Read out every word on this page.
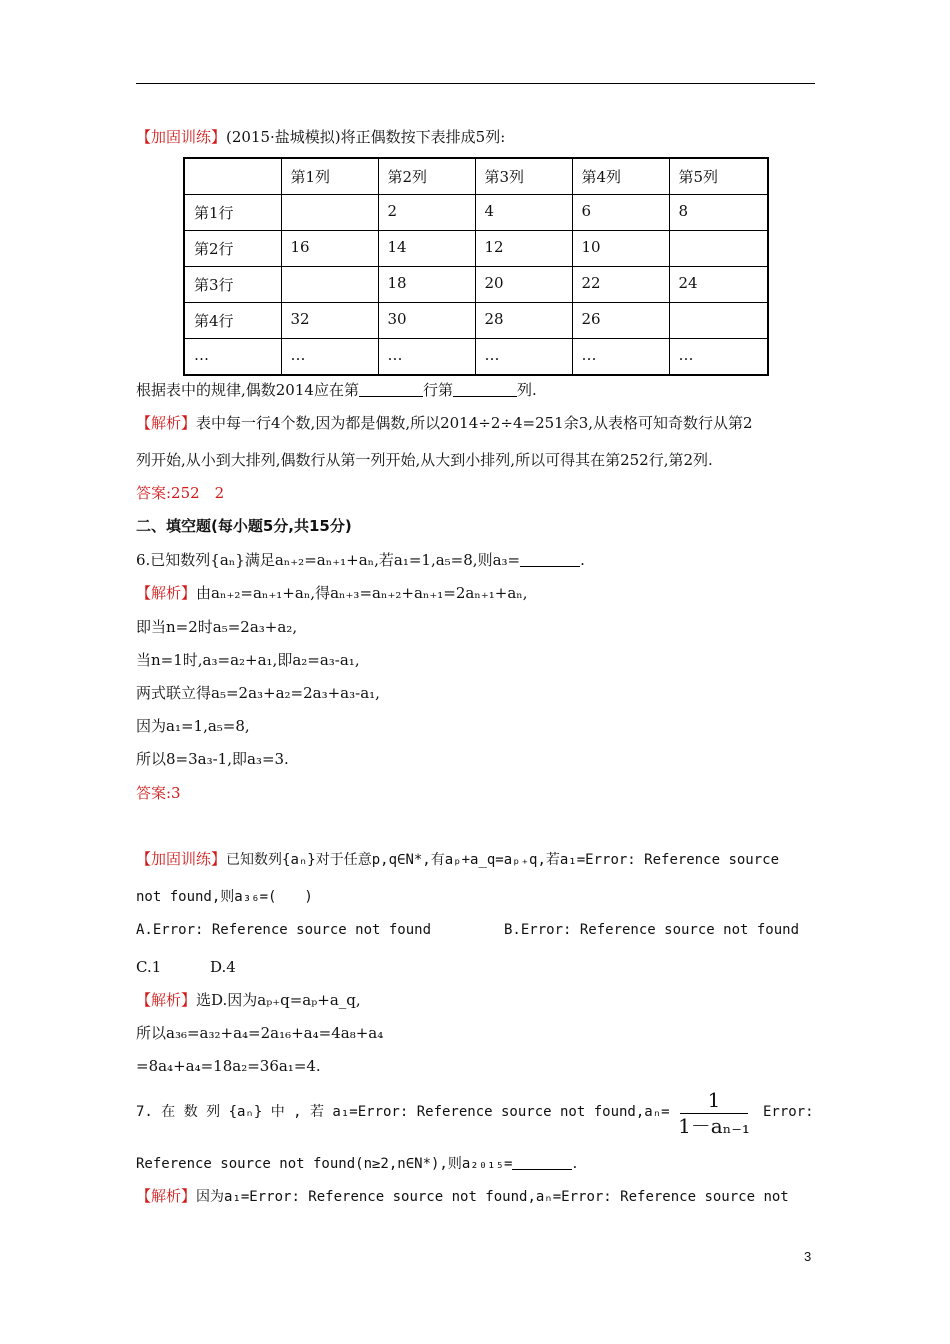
【加固训练】(2015·盐城模拟)将正偶数按下表排成5列:
	第1列	第2列	第3列	第4列	第5列
第1行		2	4	6	8
第2行	16	14	12	10	
第3行		18	20	22	24
第4行	32	30	28	26	
…	…	…	…	…	…
根据表中的规律,偶数2014应在第	行第	列.
【解析】表中每一行4个数,因为都是偶数,所以2014÷2÷4=251余3,从表格可知奇数行从第2
列开始,从小到大排列,偶数行从第一列开始,从大到小排列,所以可得其在第252行,第2列.
答案:252　2
二、填空题(每小题5分,共15分)
6.已知数列{aₙ}满足aₙ₊₂=aₙ₊₁+aₙ,若a₁=1,a₅=8,则a₃=	.
【解析】由aₙ₊₂=aₙ₊₁+aₙ,得aₙ₊₃=aₙ₊₂+aₙ₊₁=2aₙ₊₁+aₙ,
即当n=2时a₅=2a₃+a₂,
当n=1时,a₃=a₂+a₁,即a₂=a₃-a₁,
两式联立得a₅=2a₃+a₂=2a₃+a₃-a₁,
因为a₁=1,a₅=8,
所以8=3a₃-1,即a₃=3.
答案:3
【加固训练】已知数列{aₙ}对于任意p,q∈N*,有aₚ+a_q=aₚ₊q,若a₁=Error: Reference source
not found,则a₃₆=(　　)
A.Error: Reference source not found	B.Error: Reference source not found
C.1	D.4
【解析】选D.因为aₚ₊q=aₚ+a_q,
所以a₃₆=a₃₂+a₄=2a₁₆+a₄=4a₈+a₄
=8a₄+a₄=18a₂=36a₁=4.
7. 在 数 列 {aₙ} 中 , 若 a₁=Error: Reference source not found,aₙ=	1
1－aₙ₋₁
Error:
Reference source not found(n≥2,n∈N*),则a₂₀₁₅=	.
【解析】因为a₁=Error: Reference source not found,aₙ=Error: Reference source not
3
